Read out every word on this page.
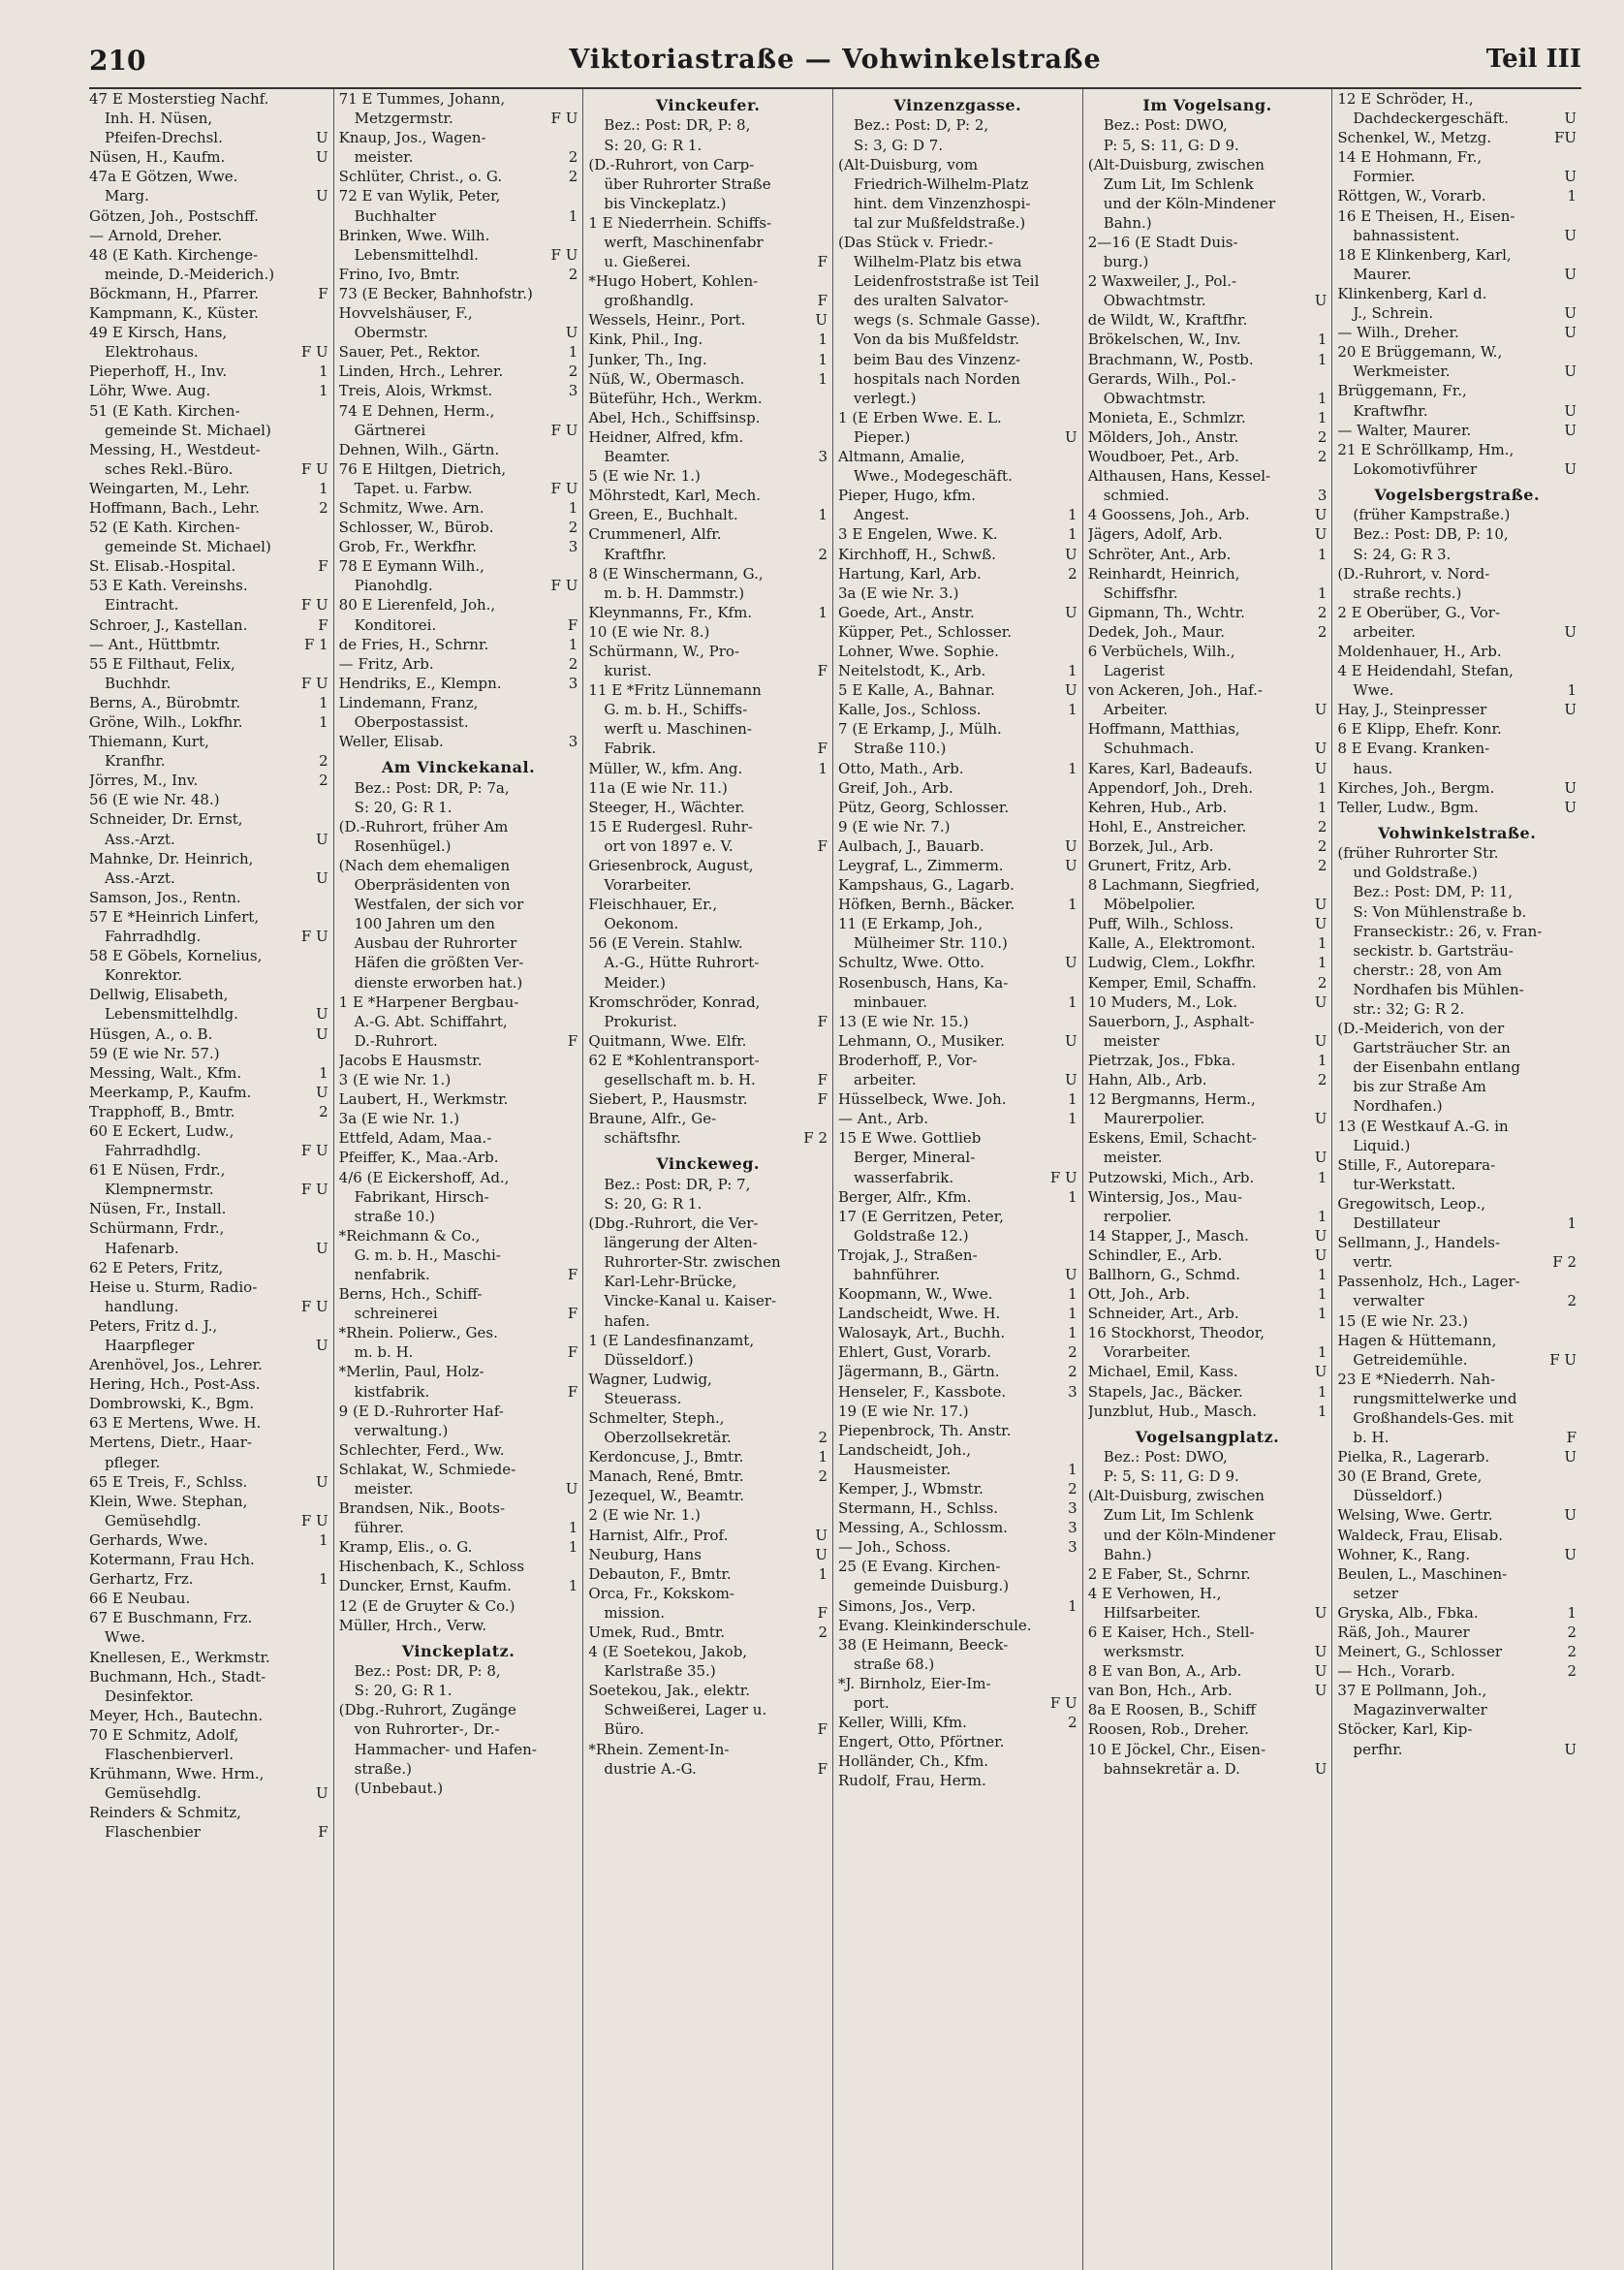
210	Viktoriastraße — Vohwinkelstraße	Teil III
47 E Mosterstieg Nachf.
Inh. H. Nüsen,
U
Pfeifen-Drechsl.
U
Nüsen, H., Kaufm.
47a E Götzen, Wwe.
U
Marg.
Götzen, Joh., Postschff.
— Arnold, Dreher.
48 (E Kath. Kirchenge-
meinde, D.-Meiderich.)
F
Böckmann, H., Pfarrer.
Kampmann, K., Küster.
49 E Kirsch, Hans,
F U
Elektrohaus.
1
Pieperhoff, H., Inv.
1
Löhr, Wwe. Aug.
51 (E Kath. Kirchen-
gemeinde St. Michael)
Messing, H., Westdeut-
F U
sches Rekl.-Büro.
1
Weingarten, M., Lehr.
2
Hoffmann, Bach., Lehr.
52 (E Kath. Kirchen-
gemeinde St. Michael)
F
St. Elisab.-Hospital.
53 E Kath. Vereinshs.
F U
Eintracht.
F
Schroer, J., Kastellan.
F 1
— Ant., Hüttbmtr.
55 E Filthaut, Felix,
F U
Buchhdr.
1
Berns, A., Bürobmtr.
1
Gröne, Wilh., Lokfhr.
Thiemann, Kurt,
2
Kranfhr.
2
Jörres, M., Inv.
56 (E wie Nr. 48.)
Schneider, Dr. Ernst,
U
Ass.-Arzt.
Mahnke, Dr. Heinrich,
U
Ass.-Arzt.
Samson, Jos., Rentn.
57 E *Heinrich Linfert,
F U
Fahrradhdlg.
58 E Göbels, Kornelius,
Konrektor.
Dellwig, Elisabeth,
U
Lebensmittelhdlg.
U
Hüsgen, A., o. B.
59 (E wie Nr. 57.)
1
Messing, Walt., Kfm.
U
Meerkamp, P., Kaufm.
2
Trapphoff, B., Bmtr.
60 E Eckert, Ludw.,
F U
Fahrradhdlg.
61 E Nüsen, Frdr.,
F U
Klempnermstr.
Nüsen, Fr., Install.
Schürmann, Frdr.,
U
Hafenarb.
62 E Peters, Fritz,
Heise u. Sturm, Radio-
F U
handlung.
Peters, Fritz d. J.,
U
Haarpfleger
Arenhövel, Jos., Lehrer.
Hering, Hch., Post-Ass.
Dombrowski, K., Bgm.
63 E Mertens, Wwe. H.
Mertens, Dietr., Haar-
pfleger.
U
65 E Treis, F., Schlss.
Klein, Wwe. Stephan,
F U
Gemüsehdlg.
1
Gerhards, Wwe.
Kotermann, Frau Hch.
1
Gerhartz, Frz.
66 E Neubau.
67 E Buschmann, Frz.
Wwe.
Knellesen, E., Werkmstr.
Buchmann, Hch., Stadt-
Desinfektor.
Meyer, Hch., Bautechn.
70 E Schmitz, Adolf,
Flaschenbierverl.
Krühmann, Wwe. Hrm.,
U
Gemüsehdlg.
Reinders & Schmitz,
F
Flaschenbier
71 E Tummes, Johann,
F U
Metzgermstr.
Knaup, Jos., Wagen-
2
meister.
2
Schlüter, Christ., o. G.
72 E van Wylik, Peter,
1
Buchhalter
Brinken, Wwe. Wilh.
F U
Lebensmittelhdl.
2
Frino, Ivo, Bmtr.
73 (E Becker, Bahnhofstr.)
Hovvelshäuser, F.,
U
Obermstr.
1
Sauer, Pet., Rektor.
2
Linden, Hrch., Lehrer.
3
Treis, Alois, Wrkmst.
74 E Dehnen, Herm.,
F U
Gärtnerei
Dehnen, Wilh., Gärtn.
76 E Hiltgen, Dietrich,
F U
Tapet. u. Farbw.
1
Schmitz, Wwe. Arn.
2
Schlosser, W., Bürob.
3
Grob, Fr., Werkfhr.
78 E Eymann Wilh.,
F U
Pianohdlg.
80 E Lierenfeld, Joh.,
F
Konditorei.
1
de Fries, H., Schrnr.
2
— Fritz, Arb.
3
Hendriks, E., Klempn.
Lindemann, Franz,
Oberpostassist.
3
Weller, Elisab.
Am Vinckekanal.
Bez.: Post: DR, P: 7a,
S: 20, G: R 1.
(D.-Ruhrort, früher Am
Rosenhügel.)
(Nach dem ehemaligen
Oberpräsidenten von
Westfalen, der sich vor
100 Jahren um den
Ausbau der Ruhrorter
Häfen die größten Ver-
dienste erworben hat.)
1 E *Harpener Bergbau-
A.-G. Abt. Schiffahrt,
F
D.-Ruhrort.
Jacobs E Hausmstr.
3 (E wie Nr. 1.)
Laubert, H., Werkmstr.
3a (E wie Nr. 1.)
Ettfeld, Adam, Maa.-
Pfeiffer, K., Maa.-Arb.
4/6 (E Eickershoff, Ad.,
Fabrikant, Hirsch-
straße 10.)
*Reichmann & Co.,
G. m. b. H., Maschi-
F
nenfabrik.
Berns, Hch., Schiff-
F
schreinerei
*Rhein. Polierw., Ges.
F
m. b. H.
*Merlin, Paul, Holz-
F
kistfabrik.
9 (E D.-Ruhrorter Haf-
verwaltung.)
Schlechter, Ferd., Ww.
Schlakat, W., Schmiede-
U
meister.
Brandsen, Nik., Boots-
1
führer.
1
Kramp, Elis., o. G.
Hischenbach, K., Schloss
1
Duncker, Ernst, Kaufm.
12 (E de Gruyter & Co.)
Müller, Hrch., Verw.
Vinckeplatz.
Bez.: Post: DR, P: 8,
S: 20, G: R 1.
(Dbg.-Ruhrort, Zugänge
von Ruhrorter-, Dr.-
Hammacher- und Hafen-
straße.)
(Unbebaut.)
Vinckeufer.
Bez.: Post: DR, P: 8,
S: 20, G: R 1.
(D.-Ruhrort, von Carp-
über Ruhrorter Straße
bis Vinckeplatz.)
1 E Niederrhein. Schiffs-
werft, Maschinenfabr
F
u. Gießerei.
*Hugo Hobert, Kohlen-
F
großhandlg.
U
Wessels, Heinr., Port.
1
Kink, Phil., Ing.
1
Junker, Th., Ing.
1
Nüß, W., Obermasch.
Büteführ, Hch., Werkm.
Abel, Hch., Schiffsinsp.
Heidner, Alfred, kfm.
3
Beamter.
5 (E wie Nr. 1.)
Möhrstedt, Karl, Mech.
1
Green, E., Buchhalt.
Crummenerl, Alfr.
2
Kraftfhr.
8 (E Winschermann, G.,
m. b. H. Dammstr.)
1
Kleynmanns, Fr., Kfm.
10 (E wie Nr. 8.)
Schürmann, W., Pro-
F
kurist.
11 E *Fritz Lünnemann
G. m. b. H., Schiffs-
werft u. Maschinen-
F
Fabrik.
1
Müller, W., kfm. Ang.
11a (E wie Nr. 11.)
Steeger, H., Wächter.
15 E Rudergesl. Ruhr-
F
ort von 1897 e. V.
Griesenbrock, August,
Vorarbeiter.
Fleischhauer, Er.,
Oekonom.
56 (E Verein. Stahlw.
A.-G., Hütte Ruhrort-
Meider.)
Kromschröder, Konrad,
F
Prokurist.
Quitmann, Wwe. Elfr.
62 E *Kohlentransport-
F
gesellschaft m. b. H.
F
Siebert, P., Hausmstr.
Braune, Alfr., Ge-
F 2
schäftsfhr.
Vinckeweg.
Bez.: Post: DR, P: 7,
S: 20, G: R 1.
(Dbg.-Ruhrort, die Ver-
längerung der Alten-
Ruhrorter-Str. zwischen
Karl-Lehr-Brücke,
Vincke-Kanal u. Kaiser-
hafen.
1 (E Landesfinanzamt,
Düsseldorf.)
Wagner, Ludwig,
Steuerass.
Schmelter, Steph.,
2
Oberzollsekretär.
1
Kerdoncuse, J., Bmtr.
2
Manach, René, Bmtr.
Jezequel, W., Beamtr.
2 (E wie Nr. 1.)
U
Harnist, Alfr., Prof.
U
Neuburg, Hans
1
Debauton, F., Bmtr.
Orca, Fr., Kokskom-
F
mission.
2
Umek, Rud., Bmtr.
4 (E Soetekou, Jakob,
Karlstraße 35.)
Soetekou, Jak., elektr.
Schweißerei, Lager u.
F
Büro.
*Rhein. Zement-In-
F
dustrie A.-G.
Vinzenzgasse.
Bez.: Post: D, P: 2,
S: 3, G: D 7.
(Alt-Duisburg, vom
Friedrich-Wilhelm-Platz
hint. dem Vinzenzhospi-
tal zur Mußfeldstraße.)
(Das Stück v. Friedr.-
Wilhelm-Platz bis etwa
Leidenfroststraße ist Teil
des uralten Salvator-
wegs (s. Schmale Gasse).
Von da bis Mußfeldstr.
beim Bau des Vinzenz-
hospitals nach Norden
verlegt.)
1 (E Erben Wwe. E. L.
U
Pieper.)
Altmann, Amalie,
Wwe., Modegeschäft.
Pieper, Hugo, kfm.
1
Angest.
1
3 E Engelen, Wwe. K.
U
Kirchhoff, H., Schwß.
2
Hartung, Karl, Arb.
3a (E wie Nr. 3.)
U
Goede, Art., Anstr.
Küpper, Pet., Schlosser.
Lohner, Wwe. Sophie.
1
Neitelstodt, K., Arb.
U
5 E Kalle, A., Bahnar.
1
Kalle, Jos., Schloss.
7 (E Erkamp, J., Mülh.
Straße 110.)
1
Otto, Math., Arb.
Greif, Joh., Arb.
Pütz, Georg, Schlosser.
9 (E wie Nr. 7.)
U
Aulbach, J., Bauarb.
U
Leygraf, L., Zimmerm.
Kampshaus, G., Lagarb.
1
Höfken, Bernh., Bäcker.
11 (E Erkamp, Joh.,
Mülheimer Str. 110.)
U
Schultz, Wwe. Otto.
Rosenbusch, Hans, Ka-
1
minbauer.
13 (E wie Nr. 15.)
U
Lehmann, O., Musiker.
Broderhoff, P., Vor-
U
arbeiter.
1
Hüsselbeck, Wwe. Joh.
1
— Ant., Arb.
15 E Wwe. Gottlieb
Berger, Mineral-
F U
wasserfabrik.
1
Berger, Alfr., Kfm.
17 (E Gerritzen, Peter,
Goldstraße 12.)
Trojak, J., Straßen-
U
bahnführer.
1
Koopmann, W., Wwe.
1
Landscheidt, Wwe. H.
1
Walosayk, Art., Buchh.
2
Ehlert, Gust, Vorarb.
2
Jägermann, B., Gärtn.
3
Henseler, F., Kassbote.
19 (E wie Nr. 17.)
Piepenbrock, Th. Anstr.
Landscheidt, Joh.,
1
Hausmeister.
2
Kemper, J., Wbmstr.
3
Stermann, H., Schlss.
3
Messing, A., Schlossm.
3
— Joh., Schoss.
25 (E Evang. Kirchen-
gemeinde Duisburg.)
1
Simons, Jos., Verp.
Evang. Kleinkinderschule.
38 (E Heimann, Beeck-
straße 68.)
*J. Birnholz, Eier-Im-
F U
port.
2
Keller, Willi, Kfm.
Engert, Otto, Pförtner.
Holländer, Ch., Kfm.
Rudolf, Frau, Herm.
Im Vogelsang.
Bez.: Post: DWO,
P: 5, S: 11, G: D 9.
(Alt-Duisburg, zwischen
Zum Lit, Im Schlenk
und der Köln-Mindener
Bahn.)
2—16 (E Stadt Duis-
burg.)
2 Waxweiler, J., Pol.-
U
Obwachtmstr.
de Wildt, W., Kraftfhr.
1
Brökelschen, W., Inv.
1
Brachmann, W., Postb.
Gerards, Wilh., Pol.-
1
Obwachtmstr.
1
Monieta, E., Schmlzr.
2
Mölders, Joh., Anstr.
2
Woudboer, Pet., Arb.
Althausen, Hans, Kessel-
3
schmied.
U
4 Goossens, Joh., Arb.
U
Jägers, Adolf, Arb.
1
Schröter, Ant., Arb.
Reinhardt, Heinrich,
1
Schiffsfhr.
2
Gipmann, Th., Wchtr.
2
Dedek, Joh., Maur.
6 Verbüchels, Wilh.,
Lagerist
von Ackeren, Joh., Haf.-
U
Arbeiter.
Hoffmann, Matthias,
U
Schuhmach.
U
Kares, Karl, Badeaufs.
1
Appendorf, Joh., Dreh.
1
Kehren, Hub., Arb.
2
Hohl, E., Anstreicher.
2
Borzek, Jul., Arb.
2
Grunert, Fritz, Arb.
8 Lachmann, Siegfried,
U
Möbelpolier.
U
Puff, Wilh., Schloss.
1
Kalle, A., Elektromont.
1
Ludwig, Clem., Lokfhr.
2
Kemper, Emil, Schaffn.
U
10 Muders, M., Lok.
Sauerborn, J., Asphalt-
U
meister
1
Pietrzak, Jos., Fbka.
2
Hahn, Alb., Arb.
12 Bergmanns, Herm.,
U
Maurerpolier.
Eskens, Emil, Schacht-
U
meister.
1
Putzowski, Mich., Arb.
Wintersig, Jos., Mau-
1
rerpolier.
U
14 Stapper, J., Masch.
U
Schindler, E., Arb.
1
Ballhorn, G., Schmd.
1
Ott, Joh., Arb.
1
Schneider, Art., Arb.
16 Stockhorst, Theodor,
1
Vorarbeiter.
U
Michael, Emil, Kass.
1
Stapels, Jac., Bäcker.
1
Junzblut, Hub., Masch.
Vogelsangplatz.
Bez.: Post: DWO,
P: 5, S: 11, G: D 9.
(Alt-Duisburg, zwischen
Zum Lit, Im Schlenk
und der Köln-Mindener
Bahn.)
2 E Faber, St., Schrnr.
4 E Verhowen, H.,
U
Hilfsarbeiter.
6 E Kaiser, Hch., Stell-
U
werksmstr.
U
8 E van Bon, A., Arb.
U
van Bon, Hch., Arb.
8a E Roosen, B., Schiff
Roosen, Rob., Dreher.
10 E Jöckel, Chr., Eisen-
U
bahnsekretär a. D.
12 E Schröder, H.,
U
Dachdeckergeschäft.
FU
Schenkel, W., Metzg.
14 E Hohmann, Fr.,
U
Formier.
1
Röttgen, W., Vorarb.
16 E Theisen, H., Eisen-
U
bahnassistent.
18 E Klinkenberg, Karl,
U
Maurer.
Klinkenberg, Karl d.
U
J., Schrein.
U
— Wilh., Dreher.
20 E Brüggemann, W.,
U
Werkmeister.
Brüggemann, Fr.,
U
Kraftwfhr.
U
— Walter, Maurer.
21 E Schröllkamp, Hm.,
U
Lokomotivführer
Vogelsbergstraße.
(früher Kampstraße.)
Bez.: Post: DB, P: 10,
S: 24, G: R 3.
(D.-Ruhrort, v. Nord-
straße rechts.)
2 E Oberüber, G., Vor-
U
arbeiter.
Moldenhauer, H., Arb.
4 E Heidendahl, Stefan,
1
Wwe.
U
Hay, J., Steinpresser
6 E Klipp, Ehefr. Konr.
8 E Evang. Kranken-
haus.
U
Kirches, Joh., Bergm.
U
Teller, Ludw., Bgm.
Vohwinkelstraße.
(früher Ruhrorter Str.
und Goldstraße.)
Bez.: Post: DM, P: 11,
S: Von Mühlenstraße b.
Franseckistr.: 26, v. Fran-
seckistr. b. Gartsträu-
cherstr.: 28, von Am
Nordhafen bis Mühlen-
str.: 32; G: R 2.
(D.-Meiderich, von der
Gartsträucher Str. an
der Eisenbahn entlang
bis zur Straße Am
Nordhafen.)
13 (E Westkauf A.-G. in
Liquid.)
Stille, F., Autorepara-
tur-Werkstatt.
Gregowitsch, Leop.,
1
Destillateur
Sellmann, J., Handels-
F 2
vertr.
Passenholz, Hch., Lager-
2
verwalter
15 (E wie Nr. 23.)
Hagen & Hüttemann,
F U
Getreidemühle.
23 E *Niederrh. Nah-
rungsmittelwerke und
Großhandels-Ges. mit
F
b. H.
U
Pielka, R., Lagerarb.
30 (E Brand, Grete,
Düsseldorf.)
U
Welsing, Wwe. Gertr.
Waldeck, Frau, Elisab.
U
Wohner, K., Rang.
Beulen, L., Maschinen-
setzer
1
Gryska, Alb., Fbka.
2
Räß, Joh., Maurer
2
Meinert, G., Schlosser
2
— Hch., Vorarb.
37 E Pollmann, Joh.,
Magazinverwalter
Stöcker, Karl, Kip-
U
perfhr.
